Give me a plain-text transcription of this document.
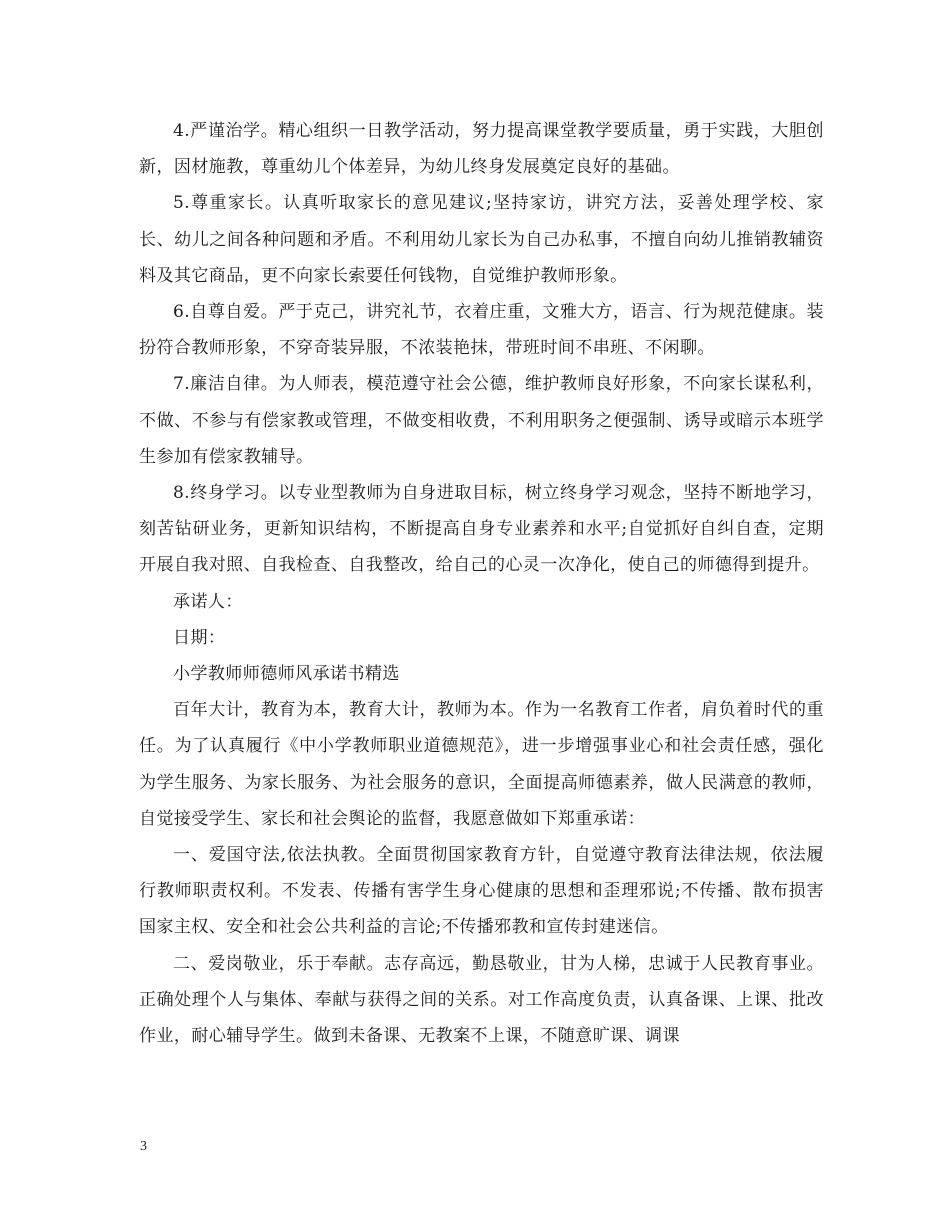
4.严谨治学。精心组织一日教学活动，努力提高课堂教学要质量，勇于实践，大胆创新，因材施教，尊重幼儿个体差异，为幼儿终身发展奠定良好的基础。

5.尊重家长。认真听取家长的意见建议;坚持家访，讲究方法，妥善处理学校、家长、幼儿之间各种问题和矛盾。不利用幼儿家长为自己办私事，不擅自向幼儿推销教辅资料及其它商品，更不向家长索要任何钱物，自觉维护教师形象。

6.自尊自爱。严于克己，讲究礼节，衣着庄重，文雅大方，语言、行为规范健康。装扮符合教师形象，不穿奇装异服，不浓装艳抹，带班时间不串班、不闲聊。

7.廉洁自律。为人师表，模范遵守社会公德，维护教师良好形象，不向家长谋私利，不做、不参与有偿家教或管理，不做变相收费，不利用职务之便强制、诱导或暗示本班学生参加有偿家教辅导。

8.终身学习。以专业型教师为自身进取目标，树立终身学习观念，坚持不断地学习，刻苦钻研业务，更新知识结构，不断提高自身专业素养和水平;自觉抓好自纠自查，定期开展自我对照、自我检查、自我整改，给自己的心灵一次净化，使自己的师德得到提升。

承诺人：

日期：

小学教师师德师风承诺书精选

百年大计，教育为本，教育大计，教师为本。作为一名教育工作者，肩负着时代的重任。为了认真履行《中小学教师职业道德规范》，进一步增强事业心和社会责任感，强化为学生服务、为家长服务、为社会服务的意识，全面提高师德素养，做人民满意的教师，自觉接受学生、家长和社会舆论的监督，我愿意做如下郑重承诺：

一、爱国守法,依法执教。全面贯彻国家教育方针，自觉遵守教育法律法规，依法履行教师职责权利。不发表、传播有害学生身心健康的思想和歪理邪说;不传播、散布损害国家主权、安全和社会公共利益的言论;不传播邪教和宣传封建迷信。

二、爱岗敬业，乐于奉献。志存高远，勤恳敬业，甘为人梯，忠诚于人民教育事业。正确处理个人与集体、奉献与获得之间的关系。对工作高度负责，认真备课、上课、批改作业，耐心辅导学生。做到未备课、无教案不上课，不随意旷课、调课

3
